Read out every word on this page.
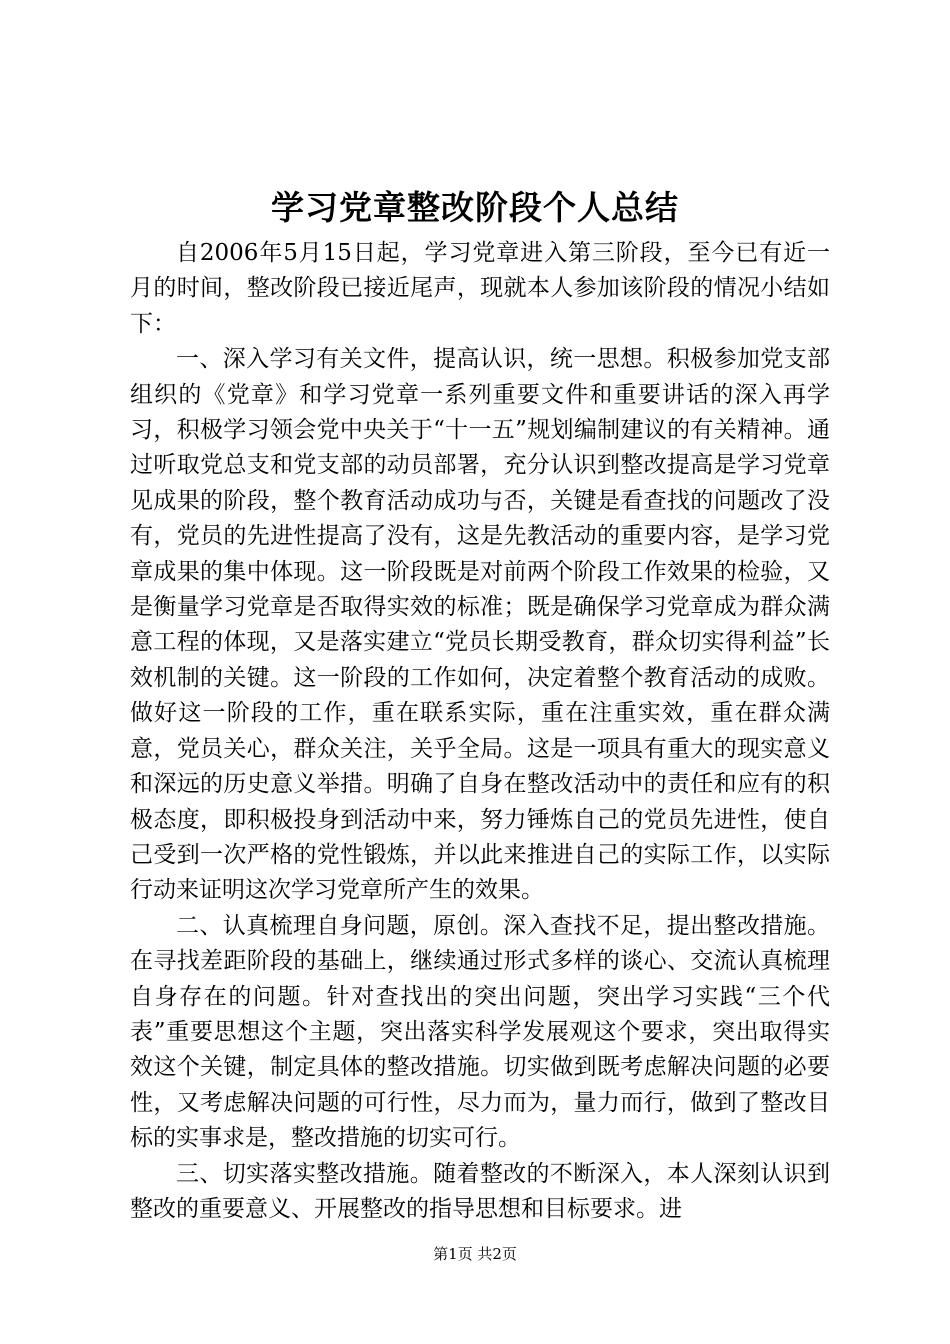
学习党章整改阶段个人总结

自2006年5月15日起，学习党章进入第三阶段，至今已有近一月的时间，整改阶段已接近尾声，现就本人参加该阶段的情况小结如下：

一、深入学习有关文件，提高认识，统一思想。积极参加党支部组织的《党章》和学习党章一系列重要文件和重要讲话的深入再学习，积极学习领会党中央关于“十一五”规划编制建议的有关精神。通过听取党总支和党支部的动员部署，充分认识到整改提高是学习党章见成果的阶段，整个教育活动成功与否，关键是看查找的问题改了没有，党员的先进性提高了没有，这是先教活动的重要内容，是学习党章成果的集中体现。这一阶段既是对前两个阶段工作效果的检验，又是衡量学习党章是否取得实效的标准；既是确保学习党章成为群众满意工程的体现，又是落实建立“党员长期受教育，群众切实得利益”长效机制的关键。这一阶段的工作如何，决定着整个教育活动的成败。做好这一阶段的工作，重在联系实际，重在注重实效，重在群众满意，党员关心，群众关注，关乎全局。这是一项具有重大的现实意义和深远的历史意义举措。明确了自身在整改活动中的责任和应有的积极态度，即积极投身到活动中来，努力锤炼自己的党员先进性，使自己受到一次严格的党性锻炼，并以此来推进自己的实际工作，以实际行动来证明这次学习党章所产生的效果。

二、认真梳理自身问题，原创。深入查找不足，提出整改措施。在寻找差距阶段的基础上，继续通过形式多样的谈心、交流认真梳理自身存在的问题。针对查找出的突出问题，突出学习实践“三个代表”重要思想这个主题，突出落实科学发展观这个要求，突出取得实效这个关键，制定具体的整改措施。切实做到既考虑解决问题的必要性，又考虑解决问题的可行性，尽力而为，量力而行，做到了整改目标的实事求是，整改措施的切实可行。

三、切实落实整改措施。随着整改的不断深入，本人深刻认识到整改的重要意义、开展整改的指导思想和目标要求。进

第1页 共2页
